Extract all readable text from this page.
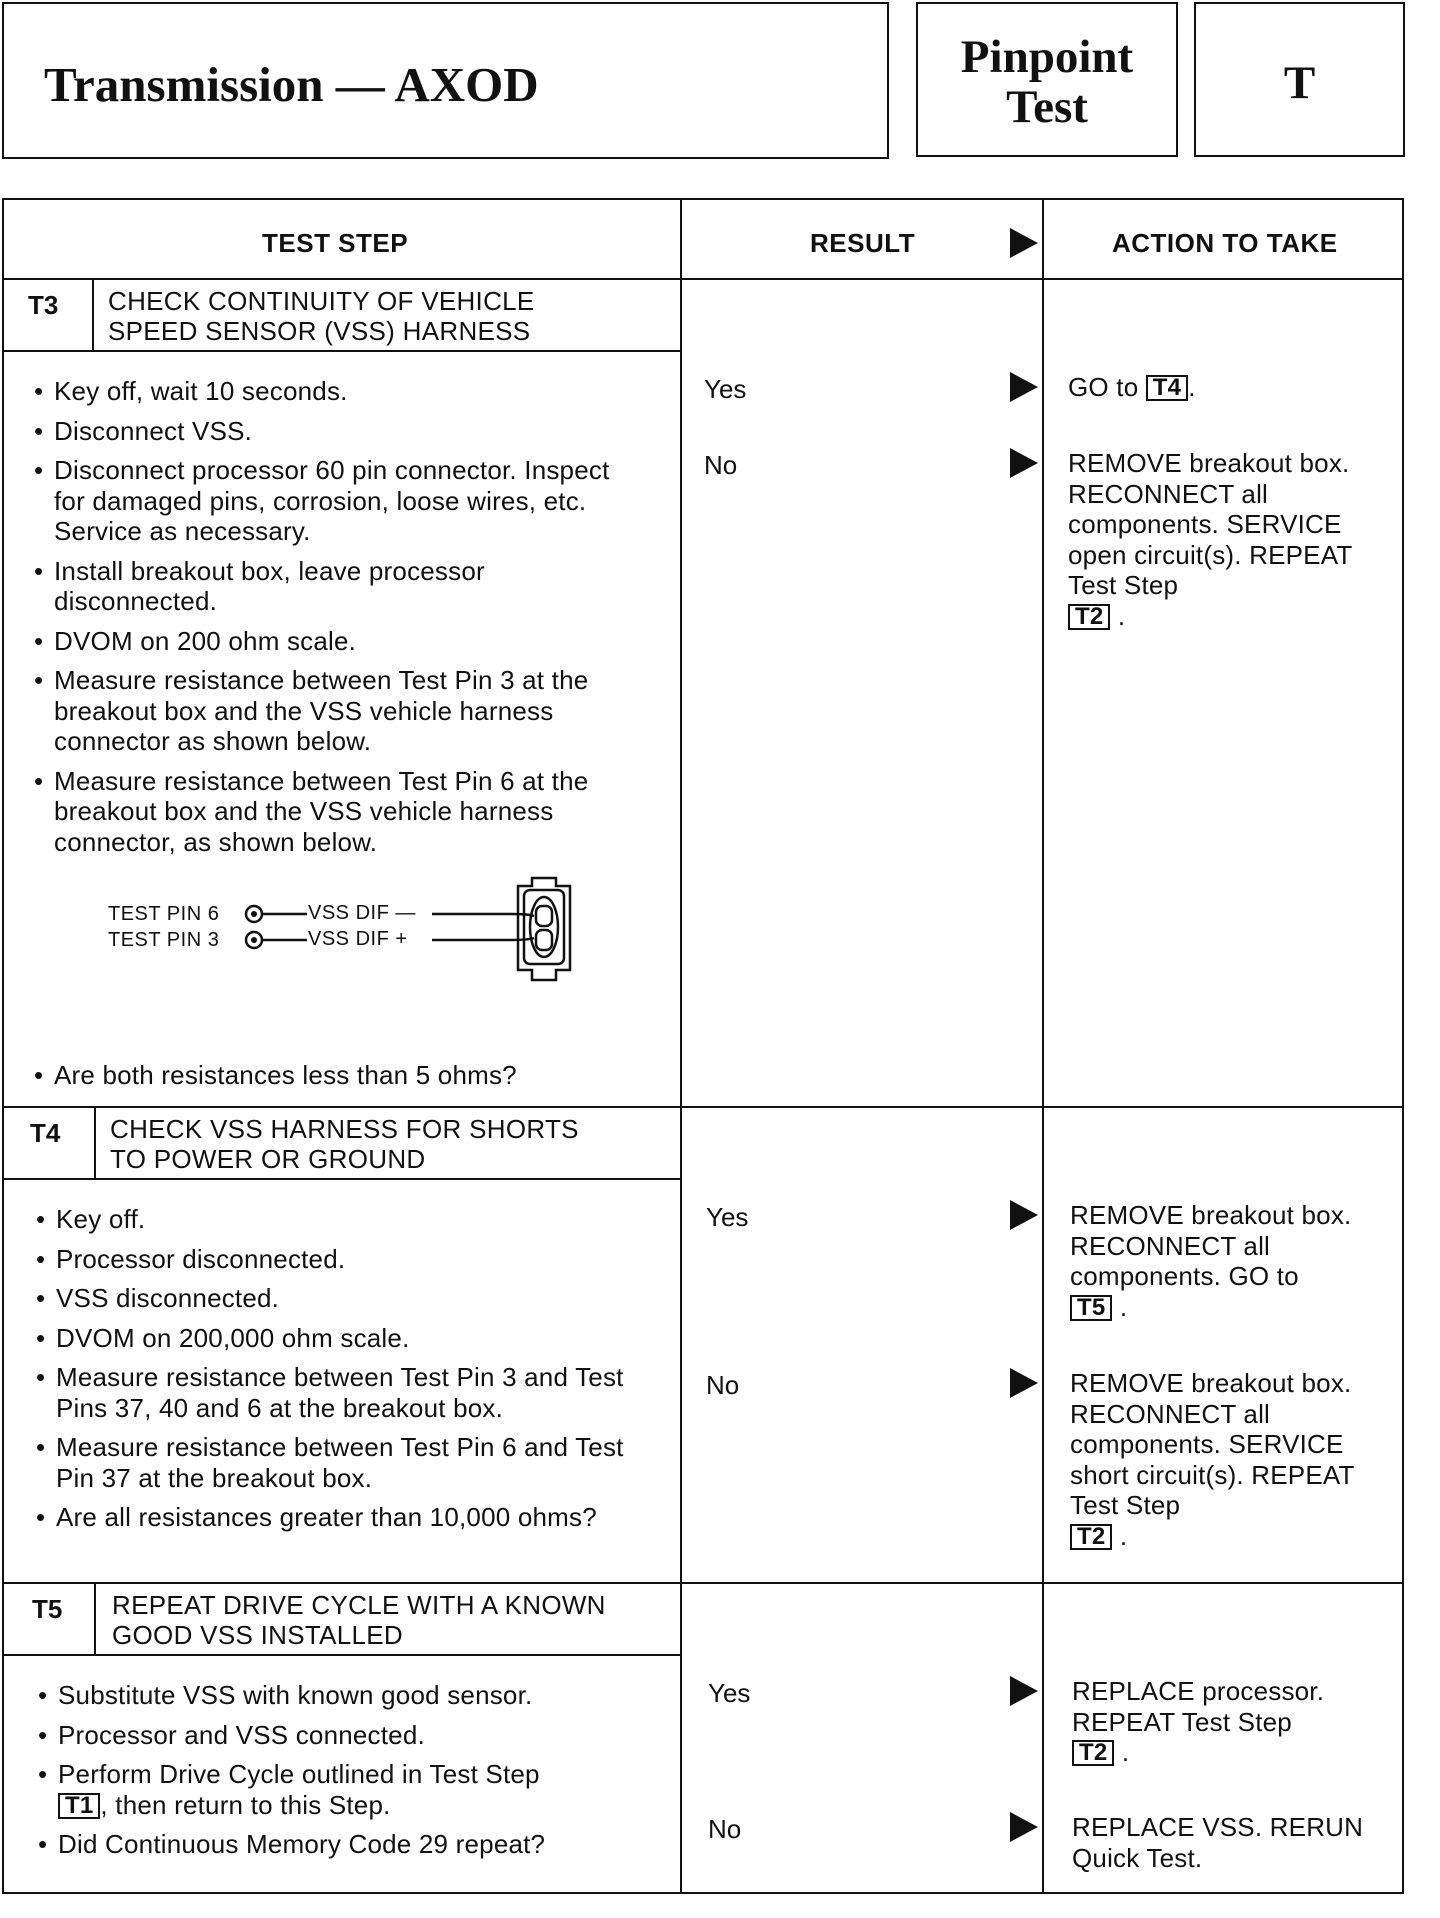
Transmission — AXOD	Pinpoint
Test	T
TEST STEP	RESULT	ACTION TO TAKE
T3 CHECK CONTINUITY OF VEHICLE
SPEED SENSOR (VSS) HARNESS
• Key off, wait 10 seconds.
• Disconnect VSS.
• Disconnect processor 60 pin connector. Inspect for damaged pins, corrosion, loose wires, etc. Service as necessary.
• Install breakout box, leave processor disconnected.
• DVOM on 200 ohm scale.
• Measure resistance between Test Pin 3 at the breakout box and the VSS vehicle harness connector as shown below.
• Measure resistance between Test Pin 6 at the breakout box and the VSS vehicle harness connector, as shown below.
TEST PIN 6	VSS DIF —
TEST PIN 3	VSS DIF +
• Are both resistances less than 5 ohms?
Yes	GO to T4 .
No	REMOVE breakout box. RECONNECT all components. SERVICE open circuit(s). REPEAT Test Step
T2 .
T4 CHECK VSS HARNESS FOR SHORTS
TO POWER OR GROUND
• Key off.
• Processor disconnected.
• VSS disconnected.
• DVOM on 200,000 ohm scale.
• Measure resistance between Test Pin 3 and Test Pins 37, 40 and 6 at the breakout box.
• Measure resistance between Test Pin 6 and Test Pin 37 at the breakout box.
• Are all resistances greater than 10,000 ohms?
Yes	REMOVE breakout box. RECONNECT all components. GO to
T5 .
No	REMOVE breakout box. RECONNECT all components. SERVICE short circuit(s). REPEAT Test Step
T2 .
T5 REPEAT DRIVE CYCLE WITH A KNOWN
GOOD VSS INSTALLED
• Substitute VSS with known good sensor.
• Processor and VSS connected.
• Perform Drive Cycle outlined in Test Step
T1 , then return to this Step.
• Did Continuous Memory Code 29 repeat?
Yes	REPLACE processor. REPEAT Test Step
T2 .
No	REPLACE VSS. RERUN Quick Test.
